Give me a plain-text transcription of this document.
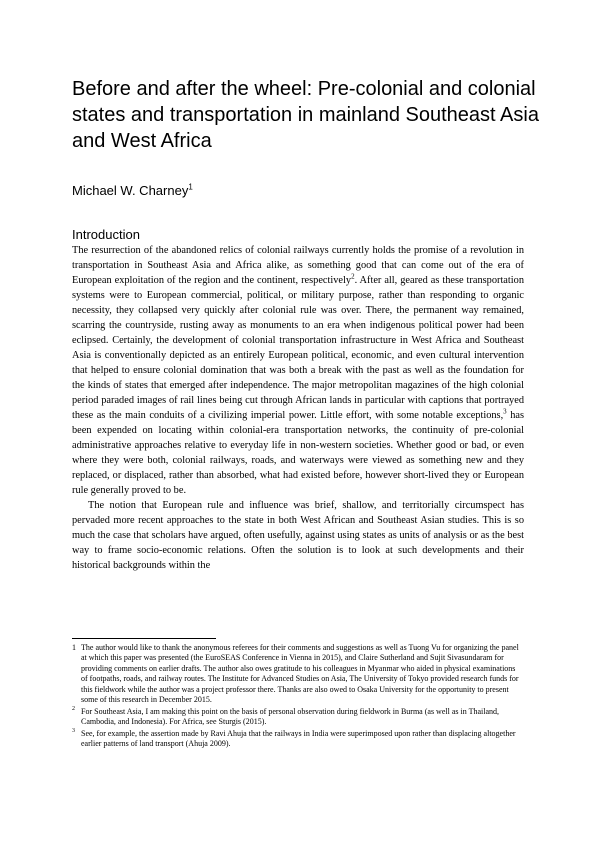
Before and after the wheel: Pre-colonial and colonial states and transportation in mainland Southeast Asia and West Africa
Michael W. Charney$^1$
Introduction

The resurrection of the abandoned relics of colonial railways currently holds the promise of a revolution in transportation in Southeast Asia and Africa alike, as something good that can come out of the era of European exploitation of the region and the continent, respectively$^2$. After all, geared as these transportation systems were to European commercial, political, or military purpose, rather than responding to organic necessity, they collapsed very quickly after colonial rule was over. There, the permanent way remained, scarring the countryside, rusting away as monuments to an era when indigenous political power had been eclipsed. Certainly, the development of colonial transportation infrastructure in West Africa and Southeast Asia is conventionally depicted as an entirely European political, economic, and even cultural intervention that helped to ensure colonial domination that was both a break with the past as well as the foundation for the kinds of states that emerged after independence. The major metropolitan magazines of the high colonial period paraded images of rail lines being cut through African lands in particular with captions that portrayed these as the main conduits of a civilizing imperial power. Little effort, with some notable exceptions,$^3$ has been expended on locating within colonial-era transportation networks, the continuity of pre-colonial administrative approaches relative to everyday life in non-western societies. Whether good or bad, or even where they were both, colonial railways, roads, and waterways were viewed as something new and they replaced, or displaced, rather than absorbed, what had existed before, however short-lived they or European rule generally proved to be.

The notion that European rule and influence was brief, shallow, and territorially circumspect has pervaded more recent approaches to the state in both West African and Southeast Asian studies. This is so much the case that scholars have argued, often usefully, against using states as units of analysis or as the best way to frame socio-economic relations. Often the solution is to look at such developments and their historical backgrounds within the

1 The author would like to thank the anonymous referees for their comments and suggestions as well as Tuong Vu for organizing the panel at which this paper was presented (the EuroSEAS Conference in Vienna in 2015), and Claire Sutherland and Sujit Sivasundaram for providing comments on earlier drafts. The author also owes gratitude to his colleagues in Myanmar who aided in physical examinations of footpaths, roads, and railway routes. The Institute for Advanced Studies on Asia, The University of Tokyo provided research funds for this fieldwork while the author was a project professor there. Thanks are also owed to Osaka University for the opportunity to present some of this research in December 2015.

2 For Southeast Asia, I am making this point on the basis of personal observation during fieldwork in Burma (as well as in Thailand, Cambodia, and Indonesia). For Africa, see Sturgis (2015).

3 See, for example, the assertion made by Ravi Ahuja that the railways in India were superimposed upon rather than displacing altogether earlier patterns of land transport (Ahuja 2009).
